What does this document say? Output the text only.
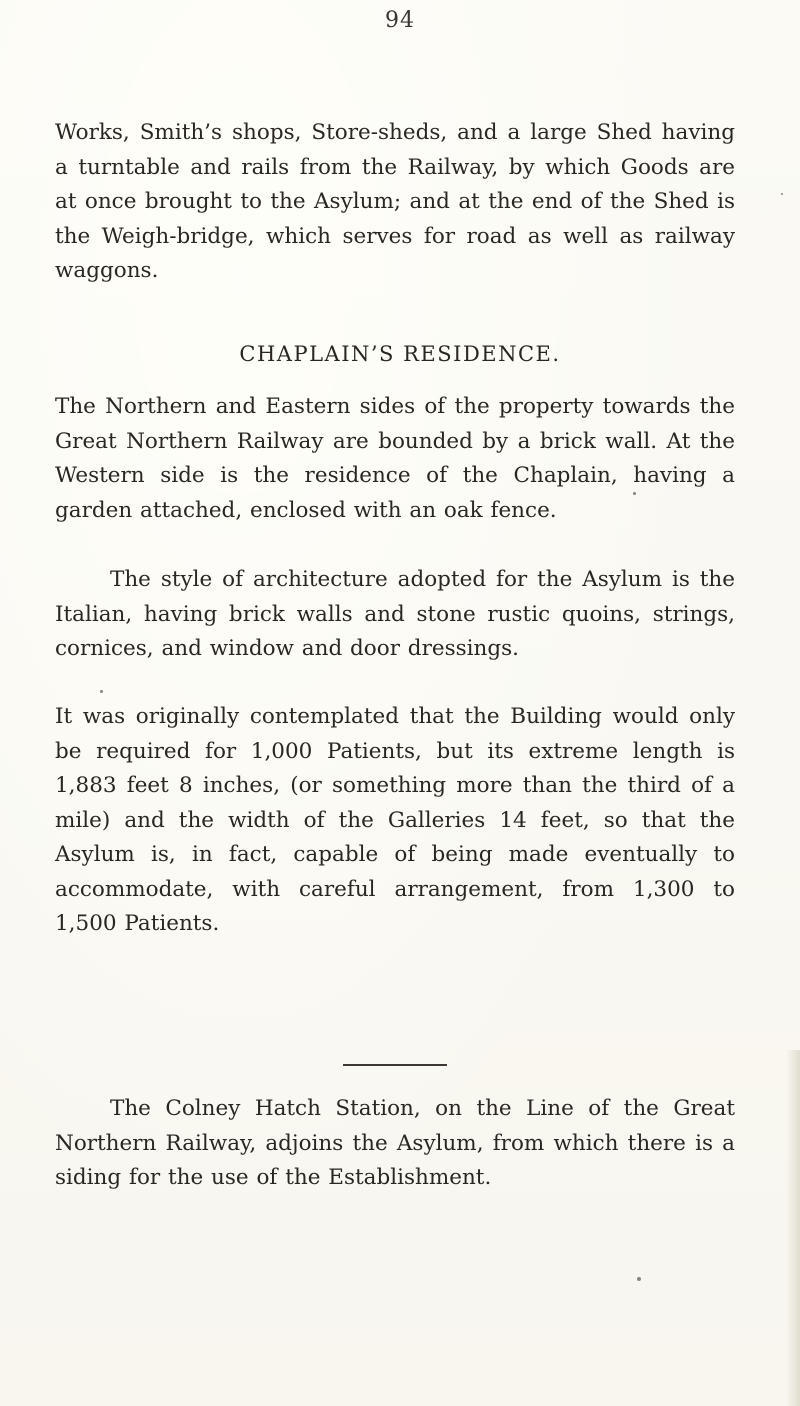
94

Works, Smith’s shops, Store-sheds, and a large Shed having a turntable and rails from the Railway, by which Goods are at once brought to the Asylum; and at the end of the Shed is the Weigh-bridge, which serves for road as well as railway waggons.

CHAPLAIN’S RESIDENCE.

The Northern and Eastern sides of the property towards the Great Northern Railway are bounded by a brick wall. At the Western side is the residence of the Chaplain, having a garden attached, enclosed with an oak fence.

The style of architecture adopted for the Asylum is the Italian, having brick walls and stone rustic quoins, strings, cornices, and window and door dressings.

It was originally contemplated that the Building would only be required for 1,000 Patients, but its extreme length is 1,883 feet 8 inches, (or something more than the third of a mile) and the width of the Galleries 14 feet, so that the Asylum is, in fact, capable of being made eventually to accommodate, with careful arrangement, from 1,300 to 1,500 Patients.

The Colney Hatch Station, on the Line of the Great Northern Railway, adjoins the Asylum, from which there is a siding for the use of the Establishment.
